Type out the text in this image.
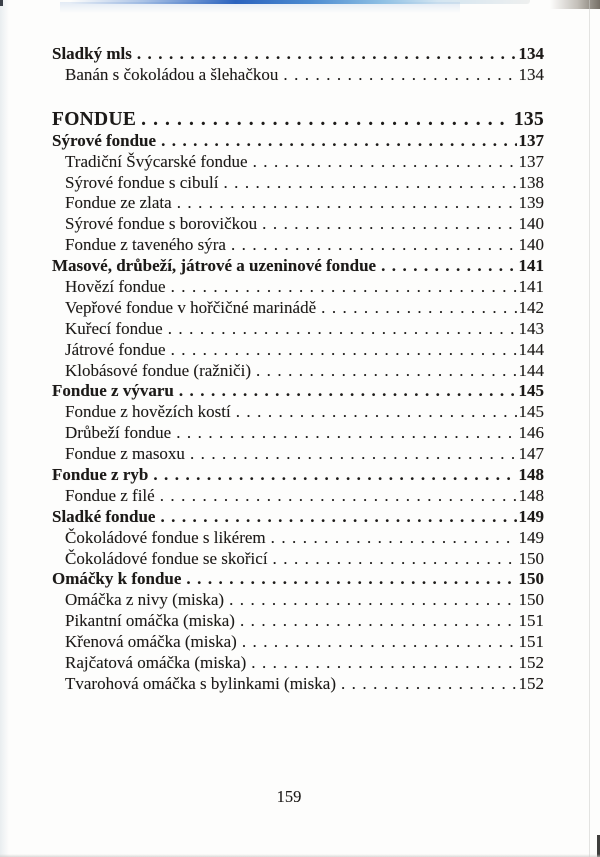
Sladký mls . . .	134
Banán s čokoládou a šlehačkou . . .	134
FONDUE . . .	135
Sýrové fondue . . .	137
Tradiční Švýcarské fondue . . .	137
Sýrové fondue s cibulí . . .	138
Fondue ze zlata . . .	139
Sýrové fondue s borovičkou . . .	140
Fondue z taveného sýra . . .	140
Masové, drůbeží, játrové a uzeninové fondue . . .	141
Hovězí fondue . . .	141
Vepřové fondue v hořčičné marinádě . . .	142
Kuřecí fondue . . .	143
Játrové fondue . . .	144
Klobásové fondue (ražniči) . . .	144
Fondue z vývaru . . .	145
Fondue z hovězích kostí . . .	145
Drůbeží fondue . . .	146
Fondue z masoxu . . .	147
Fondue z ryb . . .	148
Fondue z filé . . .	148
Sladké fondue . . .	149
Čokoládové fondue s likérem . . .	149
Čokoládové fondue se skořicí . . .	150
Omáčky k fondue . . .	150
Omáčka z nivy (miska) . . .	150
Pikantní omáčka (miska) . . .	151
Křenová omáčka (miska) . . .	151
Rajčatová omáčka (miska) . . .	152
Tvarohová omáčka s bylinkami (miska) . . .	152
159
